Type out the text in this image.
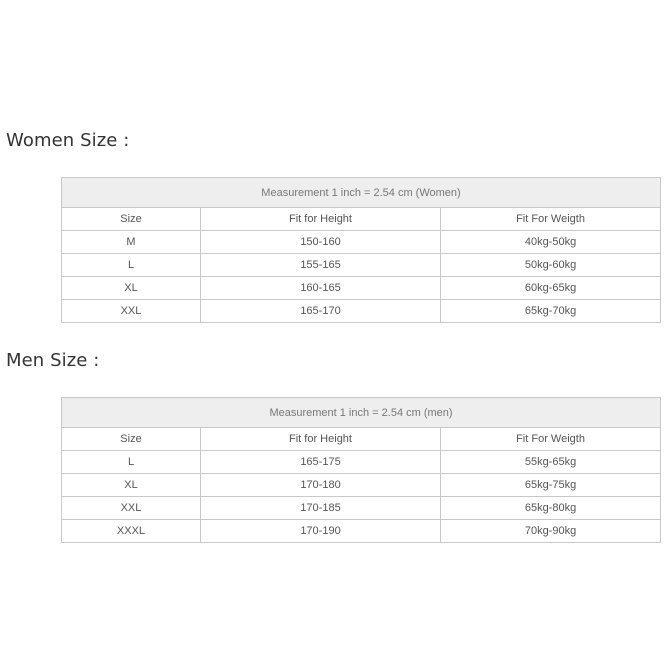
Women Size :
Measurement 1 inch = 2.54 cm (Women)		
Size	Fit for Height	Fit For Weigth
M	150-160	40kg-50kg
L	155-165	50kg-60kg
XL	160-165	60kg-65kg
XXL	165-170	65kg-70kg
Men Size :
Measurement 1 inch = 2.54 cm (men)		
Size	Fit for Height	Fit For Weigth
L	165-175	55kg-65kg
XL	170-180	65kg-75kg
XXL	170-185	65kg-80kg
XXXL	170-190	70kg-90kg
